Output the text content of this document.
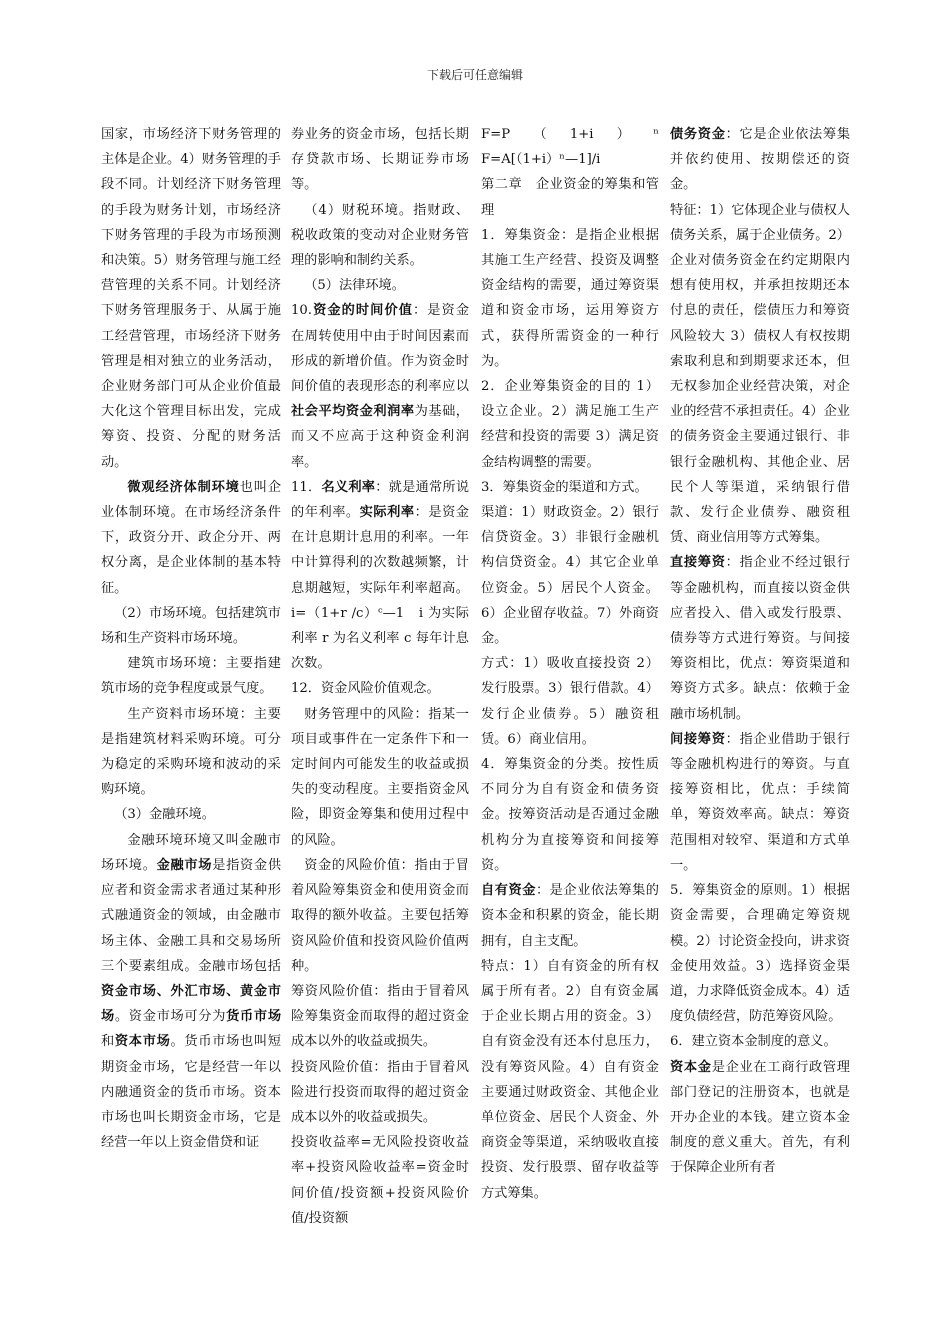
下载后可任意编辑

国家，市场经济下财务管理的主体是企业。4）财务管理的手段不同。计划经济下财务管理的手段为财务计划，市场经济下财务管理的手段为市场预测和决策。5）财务管理与施工经营管理的关系不同。计划经济下财务管理服务于、从属于施工经营管理，市场经济下财务管理是相对独立的业务活动，企业财务部门可从企业价值最大化这个管理目标出发，完成筹资、投资、分配的财务活动。

微观经济体制环境也叫企业体制环境。在市场经济条件下，政资分开、政企分开、两权分离，是企业体制的基本特征。

（2）市场环境。包括建筑市场和生产资料市场环境。

建筑市场环境：主要指建筑市场的竞争程度或景气度。

生产资料市场环境：主要是指建筑材料采购环境。可分为稳定的采购环境和波动的采购环境。

（3）金融环境。

金融环境环境又叫金融市场环境。金融市场是指资金供应者和资金需求者通过某种形式融通资金的领域，由金融市场主体、金融工具和交易场所三个要素组成。金融市场包括资金市场、外汇市场、黄金市场。资金市场可分为货币市场和资本市场。货币市场也叫短期资金市场，它是经营一年以内融通资金的货币市场。资本市场也叫长期资金市场，它是经营一年以上资金借贷和证

券业务的资金市场，包括长期存贷款市场、长期证券市场等。

（4）财税环境。指财政、税收政策的变动对企业财务管理的影响和制约关系。

（5）法律环境。

10.资金的时间价值：是资金在周转使用中由于时间因素而形成的新增价值。作为资金时间价值的表现形态的利率应以社会平均资金利润率为基础，而又不应高于这种资金利润率。

11．名义利率：就是通常所说的年利率。实际利率：是资金在计息期计息用的利率。一年中计算得利的次数越频繁，计息期越短，实际年利率超高。i=（1+r /c）ᶜ—1　i 为实际利率 r 为名义利率 c 每年计息次数。

12．资金风险价值观念。

财务管理中的风险：指某一项目或事件在一定条件下和一定时间内可能发生的收益或损失的变动程度。主要指资金风险，即资金筹集和使用过程中的风险。

资金的风险价值：指由于冒着风险筹集资金和使用资金而取得的额外收益。主要包括筹资风险价值和投资风险价值两种。

筹资风险价值：指由于冒着风险筹集资金而取得的超过资金成本以外的收益或损失。

投资风险价值：指由于冒着风险进行投资而取得的超过资金成本以外的收益或损失。

投资收益率=无风险投资收益率+投资风险收益率=资金时间价值/投资额+投资风险价值/投资额

F=P （ 1+i ） ⁿ

F=A[（1+i）ⁿ—1]/i

第二章　企业资金的筹集和管理

1．筹集资金：是指企业根据其施工生产经营、投资及调整资金结构的需要，通过筹资渠道和资金市场，运用筹资方式，获得所需资金的一种行为。

2．企业筹集资金的目的 1）设立企业。2）满足施工生产经营和投资的需要 3）满足资金结构调整的需要。

3．筹集资金的渠道和方式。

渠道：1）财政资金。2）银行信贷资金。3）非银行金融机构信贷资金。4）其它企业单位资金。5）居民个人资金。6）企业留存收益。7）外商资金。

方式：1）吸收直接投资 2）发行股票。3）银行借款。4）发行企业债券。5）融资租赁。6）商业信用。

4．筹集资金的分类。按性质不同分为自有资金和债务资金。按筹资活动是否通过金融机构分为直接筹资和间接筹资。

自有资金：是企业依法筹集的资本金和积累的资金，能长期拥有，自主支配。

特点：1）自有资金的所有权属于所有者。2）自有资金属于企业长期占用的资金。3）自有资金没有还本付息压力，没有筹资风险。4）自有资金主要通过财政资金、其他企业单位资金、居民个人资金、外商资金等渠道，采纳吸收直接投资、发行股票、留存收益等方式筹集。

债务资金：它是企业依法筹集并依约使用、按期偿还的资金。

特征：1）它体现企业与债权人债务关系，属于企业债务。2）企业对债务资金在约定期限内想有使用权，并承担按期还本付息的责任，偿债压力和筹资风险较大 3）债权人有权按期索取利息和到期要求还本，但无权参加企业经营决策，对企业的经营不承担责任。4）企业的债务资金主要通过银行、非银行金融机构、其他企业、居民个人等渠道，采纳银行借款、发行企业债券、融资租赁、商业信用等方式筹集。

直接筹资：指企业不经过银行等金融机构，而直接以资金供应者投入、借入或发行股票、债券等方式进行筹资。与间接筹资相比，优点：筹资渠道和筹资方式多。缺点：依赖于金融市场机制。

间接筹资：指企业借助于银行等金融机构进行的筹资。与直接筹资相比，优点：手续简单，筹资效率高。缺点：筹资范围相对较窄、渠道和方式单一。

5．筹集资金的原则。1）根据资金需要，合理确定筹资规模。2）讨论资金投向，讲求资金使用效益。3）选择资金渠道，力求降低资金成本。4）适度负债经营，防范筹资风险。

6．建立资本金制度的意义。

资本金是企业在工商行政管理部门登记的注册资本，也就是开办企业的本钱。建立资本金制度的意义重大。首先，有利于保障企业所有者
